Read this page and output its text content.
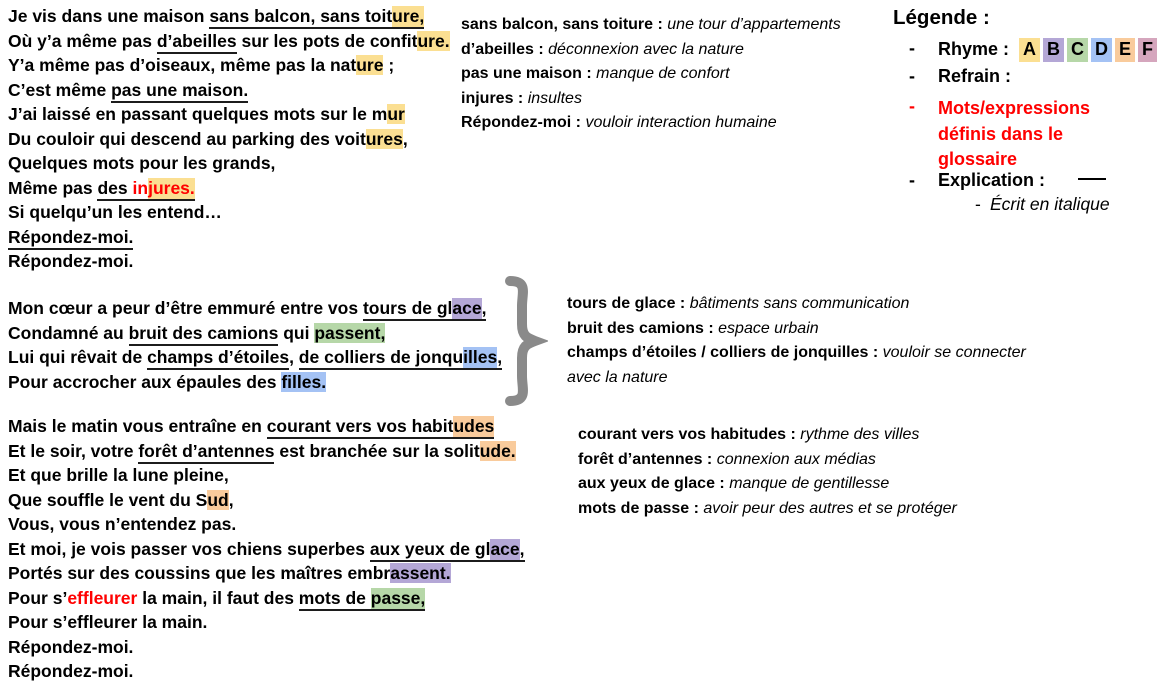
Je vis dans une maison sans balcon, sans toiture,
Où y’a même pas d’abeilles sur les pots de confiture.
Y’a même pas d’oiseaux, même pas la nature ;
C’est même pas une maison.
J’ai laissé en passant quelques mots sur le mur
Du couloir qui descend au parking des voitures,
Quelques mots pour les grands,
Même pas des injures.
Si quelqu’un les entend…
Répondez-moi.
Répondez-moi.
Mon cœur a peur d’être emmuré entre vos tours de glace,
Condamné au bruit des camions qui passent,
Lui qui rêvait de champs d’étoiles, de colliers de jonquilles,
Pour accrocher aux épaules des filles.
Mais le matin vous entraîne en courant vers vos habitudes
Et le soir, votre forêt d’antennes est branchée sur la solitude.
Et que brille la lune pleine,
Que souffle le vent du Sud,
Vous, vous n’entendez pas.
Et moi, je vois passer vos chiens superbes aux yeux de glace,
Portés sur des coussins que les maîtres embrassent.
Pour s’effleurer la main, il faut des mots de passe,
Pour s’effleurer la main.
Répondez-moi.
Répondez-moi.
sans balcon, sans toiture : une tour d’appartements
d’abeilles : déconnexion avec la nature
pas une maison : manque de confort
injures : insultes
Répondez-moi : vouloir interaction humaine
tours de glace : bâtiments sans communication
bruit des camions : espace urbain
champs d’étoiles / colliers de jonquilles : vouloir se connecter
avec la nature
courant vers vos habitudes : rythme des villes
forêt d’antennes : connexion aux médias
aux yeux de glace : manque de gentillesse
mots de passe : avoir peur des autres et se protéger
Légende :
- Rhyme : A B C D E F
- Refrain :
- Mots/expressions définis dans le glossaire
- Explication :
- Écrit en italique
